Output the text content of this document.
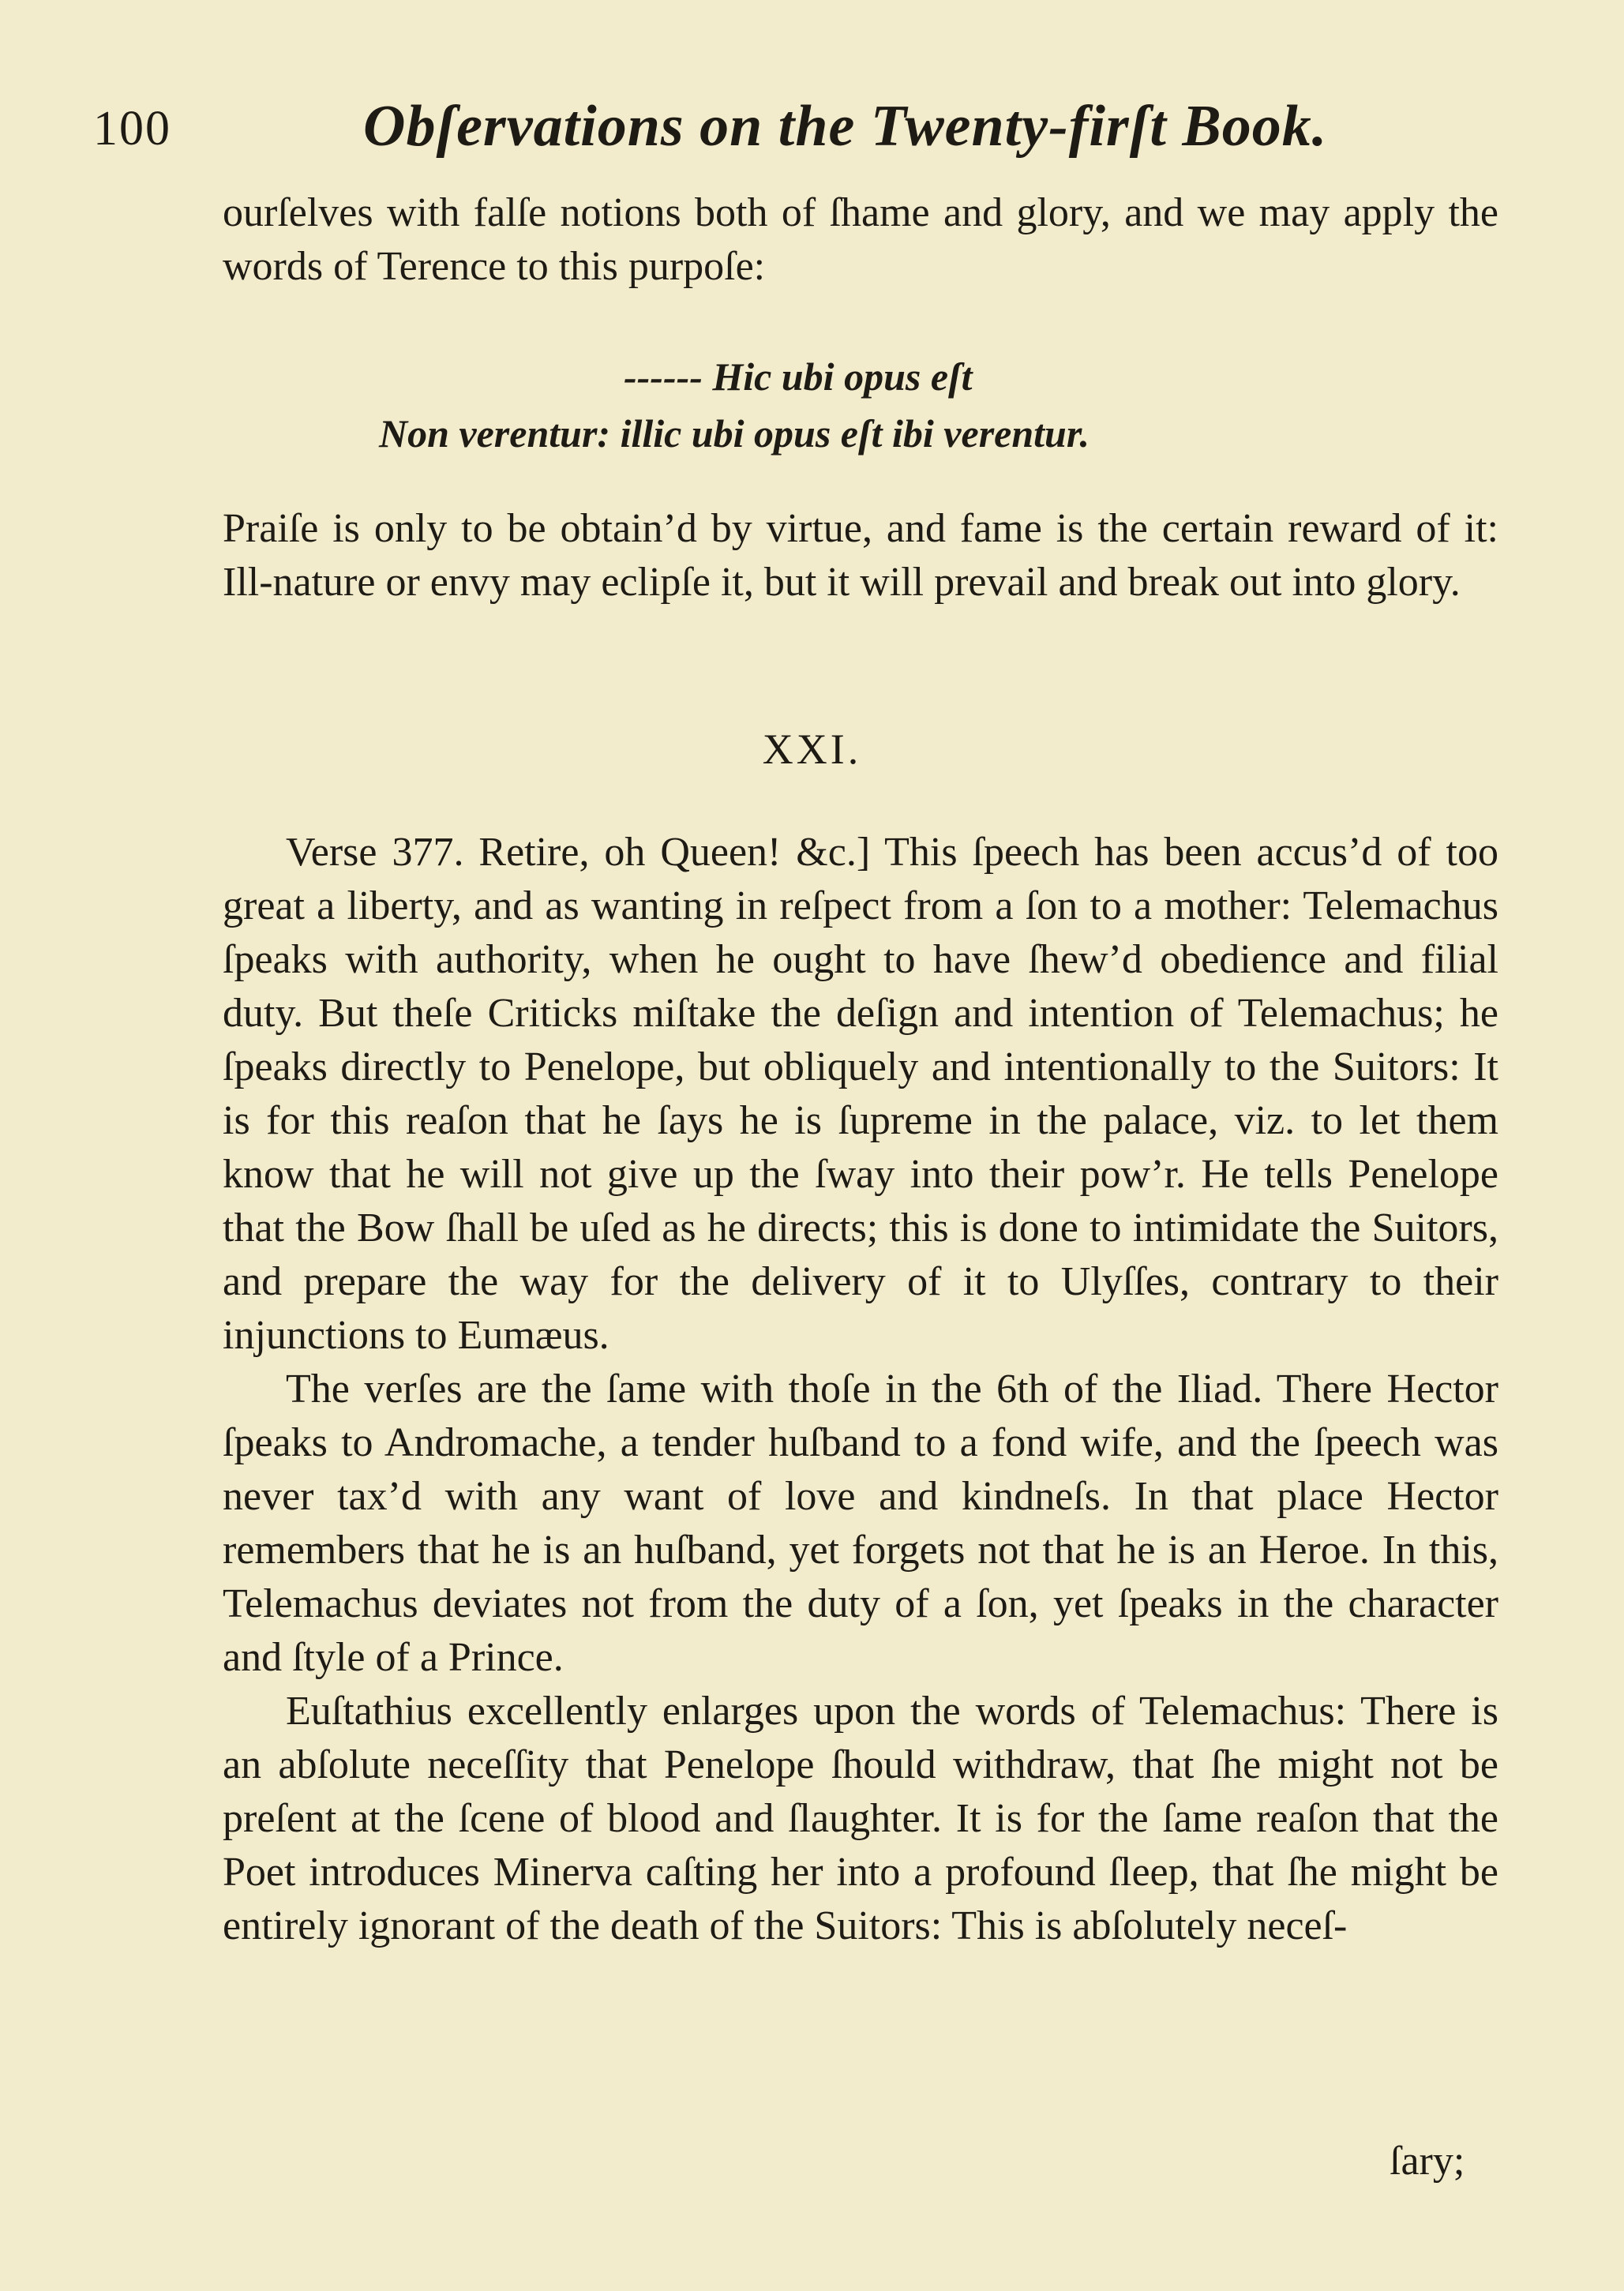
100	Obſervations on the Twenty-firſt Book.

ourſelves with falſe notions both of ſhame and glory, and we may apply the words of Terence to this purpoſe:

------ Hic ubi opus eſt
Non verentur: illic ubi opus eſt ibi verentur.

Praiſe is only to be obtain’d by virtue, and fame is the certain reward of it: Ill-nature or envy may eclipſe it, but it will prevail and break out into glory.

XXI.

Verse 377. Retire, oh Queen! &c.] This ſpeech has been accus’d of too great a liberty, and as wanting in reſpect from a ſon to a mother: Telemachus ſpeaks with authority, when he ought to have ſhew’d obedience and filial duty. But theſe Criticks miſtake the deſign and intention of Telemachus; he ſpeaks directly to Penelope, but obliquely and intentionally to the Suitors: It is for this reaſon that he ſays he is ſupreme in the palace, viz. to let them know that he will not give up the ſway into their pow’r. He tells Penelope that the Bow ſhall be uſed as he directs; this is done to intimidate the Suitors, and prepare the way for the delivery of it to Ulyſſes, contrary to their injunctions to Eumæus.

The verſes are the ſame with thoſe in the 6th of the Iliad. There Hector ſpeaks to Andromache, a tender huſband to a fond wife, and the ſpeech was never tax’d with any want of love and kindneſs. In that place Hector remembers that he is an huſband, yet forgets not that he is an Heroe. In this, Telemachus deviates not from the duty of a ſon, yet ſpeaks in the character and ſtyle of a Prince.

Euſtathius excellently enlarges upon the words of Telemachus: There is an abſolute neceſſity that Penelope ſhould withdraw, that ſhe might not be preſent at the ſcene of blood and ſlaughter. It is for the ſame reaſon that the Poet introduces Minerva caſting her into a profound ſleep, that ſhe might be entirely ignorant of the death of the Suitors: This is abſolutely neceſ-

ſary;
